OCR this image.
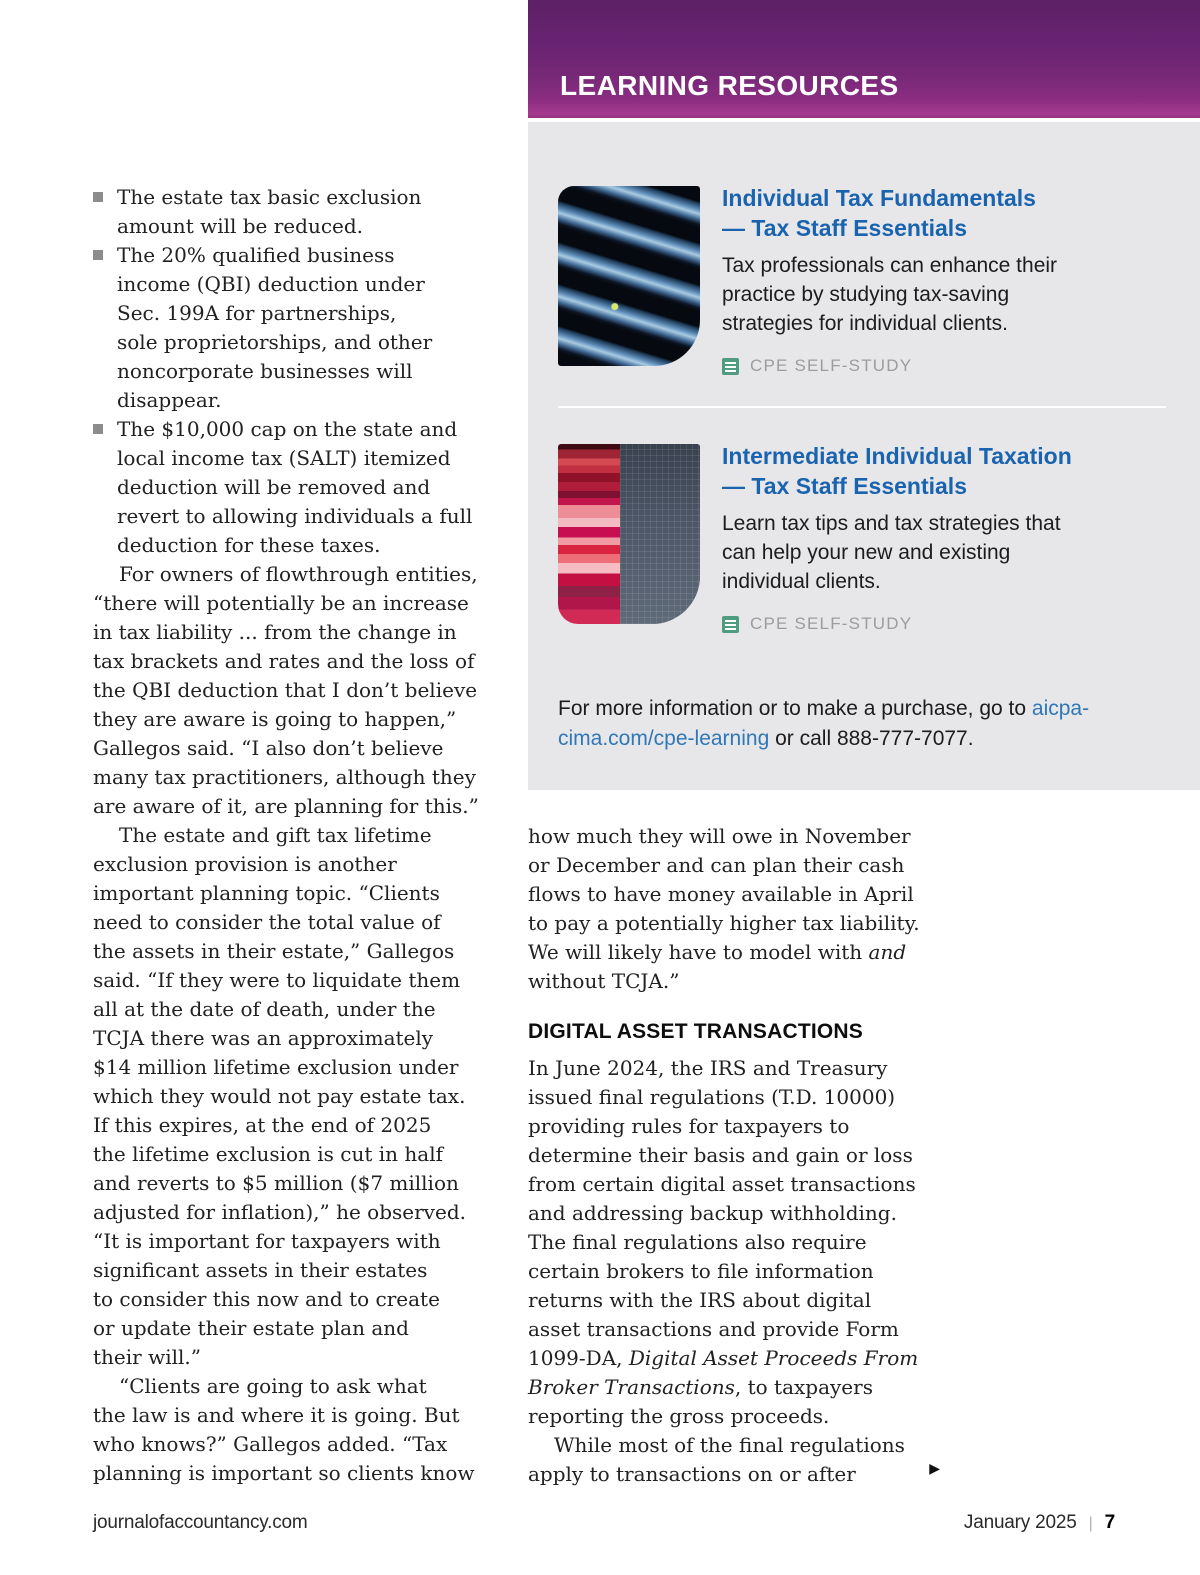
LEARNING RESOURCES
Individual Tax Fundamentals
— Tax Staff Essentials
Tax professionals can enhance their practice by studying tax-saving strategies for individual clients.
CPE SELF-STUDY
Intermediate Individual Taxation
— Tax Staff Essentials
Learn tax tips and tax strategies that can help your new and existing individual clients.
CPE SELF-STUDY

For more information or to make a purchase, go to aicpa-cima.com/cpe-learning or call 888-777-7077.

The estate tax basic exclusion
amount will be reduced.
The 20% qualified business
income (QBI) deduction under
Sec. 199A for partnerships,
sole proprietorships, and other
noncorporate businesses will
disappear.
The $10,000 cap on the state and
local income tax (SALT) itemized
deduction will be removed and
revert to allowing individuals a full
deduction for these taxes.

For owners of flowthrough entities,
“there will potentially be an increase
in tax liability ... from the change in
tax brackets and rates and the loss of
the QBI deduction that I don’t believe
they are aware is going to happen,”
Gallegos said. “I also don’t believe
many tax practitioners, although they
are aware of it, are planning for this.”

The estate and gift tax lifetime
exclusion provision is another
important planning topic. “Clients
need to consider the total value of
the assets in their estate,” Gallegos
said. “If they were to liquidate them
all at the date of death, under the
TCJA there was an approximately
$14 million lifetime exclusion under
which they would not pay estate tax.
If this expires, at the end of 2025
the lifetime exclusion is cut in half
and reverts to $5 million ($7 million
adjusted for inflation),” he observed.
“It is important for taxpayers with
significant assets in their estates
to consider this now and to create
or update their estate plan and
their will.”

“Clients are going to ask what
the law is and where it is going. But
who knows?” Gallegos added. “Tax
planning is important so clients know

how much they will owe in November
or December and can plan their cash
flows to have money available in April
to pay a potentially higher tax liability.
We will likely have to model with and
without TCJA.”

DIGITAL ASSET TRANSACTIONS

In June 2024, the IRS and Treasury
issued final regulations (T.D. 10000)
providing rules for taxpayers to
determine their basis and gain or loss
from certain digital asset transactions
and addressing backup withholding.
The final regulations also require
certain brokers to file information
returns with the IRS about digital
asset transactions and provide Form
1099-DA, Digital Asset Proceeds From
Broker Transactions, to taxpayers
reporting the gross proceeds.

While most of the final regulations
apply to transactions on or after	▶

journalofaccountancy.com	January 2025 | 7
